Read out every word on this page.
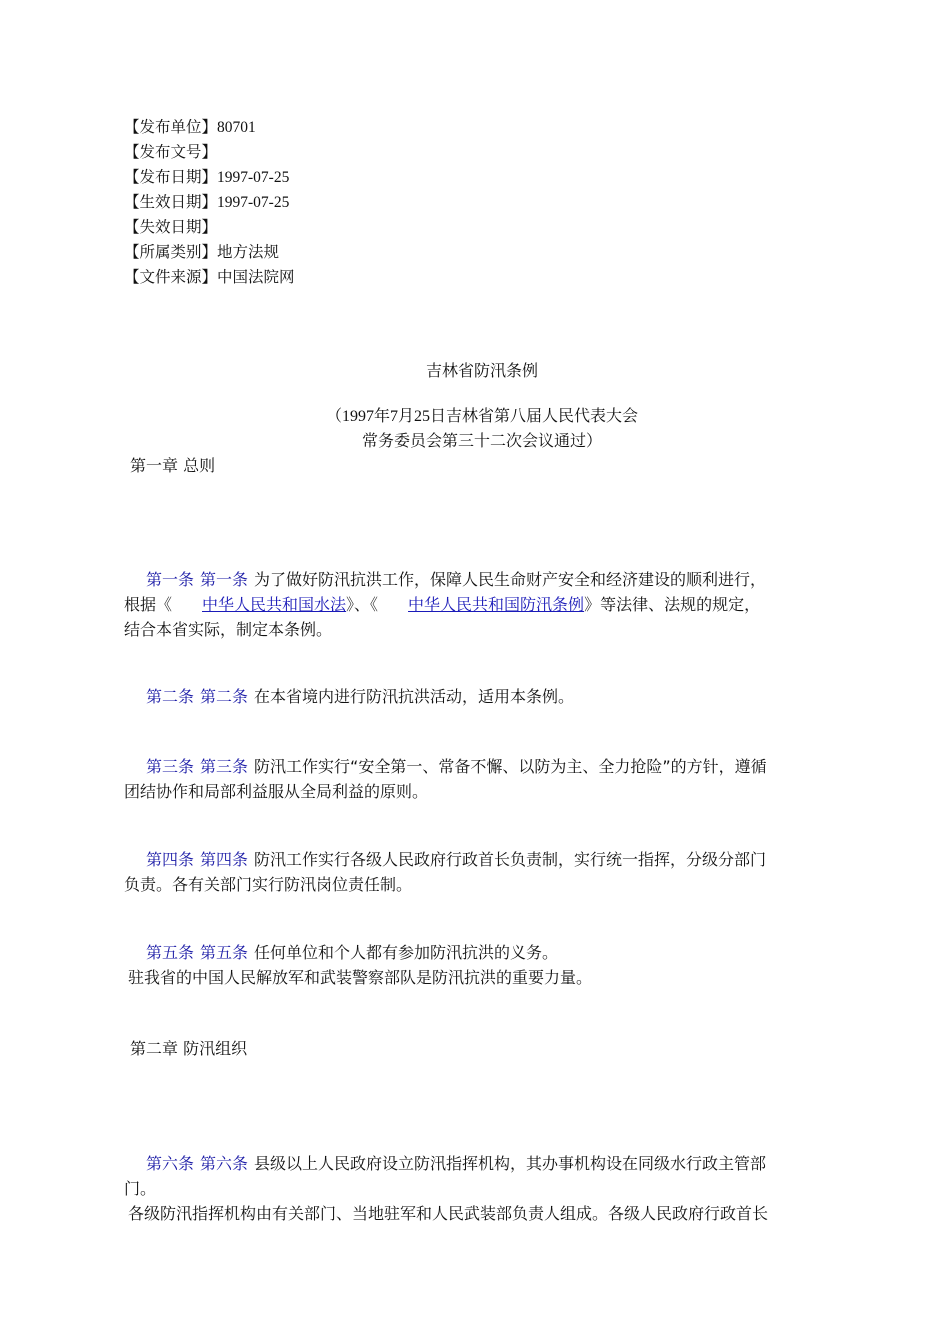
【发布单位】80701
【发布文号】
【发布日期】1997-07-25
【生效日期】1997-07-25
【失效日期】
【所属类别】地方法规
【文件来源】中国法院网
吉林省防汛条例
（1997年7月25日吉林省第八届人民代表大会
常务委员会第三十二次会议通过）
第一章 总则
第一条 第一条 为了做好防汛抗洪工作，保障人民生命财产安全和经济建设的顺利进行，
根据《 中华人民共和国水法》、《 中华人民共和国防汛条例》等法律、法规的规定，
结合本省实际，制定本条例。
第二条 第二条 在本省境内进行防汛抗洪活动，适用本条例。
第三条 第三条 防汛工作实行“安全第一、常备不懈、以防为主、全力抢险”的方针，遵循
团结协作和局部利益服从全局利益的原则。
第四条 第四条 防汛工作实行各级人民政府行政首长负责制，实行统一指挥，分级分部门
负责。各有关部门实行防汛岗位责任制。
第五条 第五条 任何单位和个人都有参加防汛抗洪的义务。
驻我省的中国人民解放军和武装警察部队是防汛抗洪的重要力量。
第二章 防汛组织
第六条 第六条 县级以上人民政府设立防汛指挥机构，其办事机构设在同级水行政主管部
门。
各级防汛指挥机构由有关部门、当地驻军和人民武装部负责人组成。各级人民政府行政首长
